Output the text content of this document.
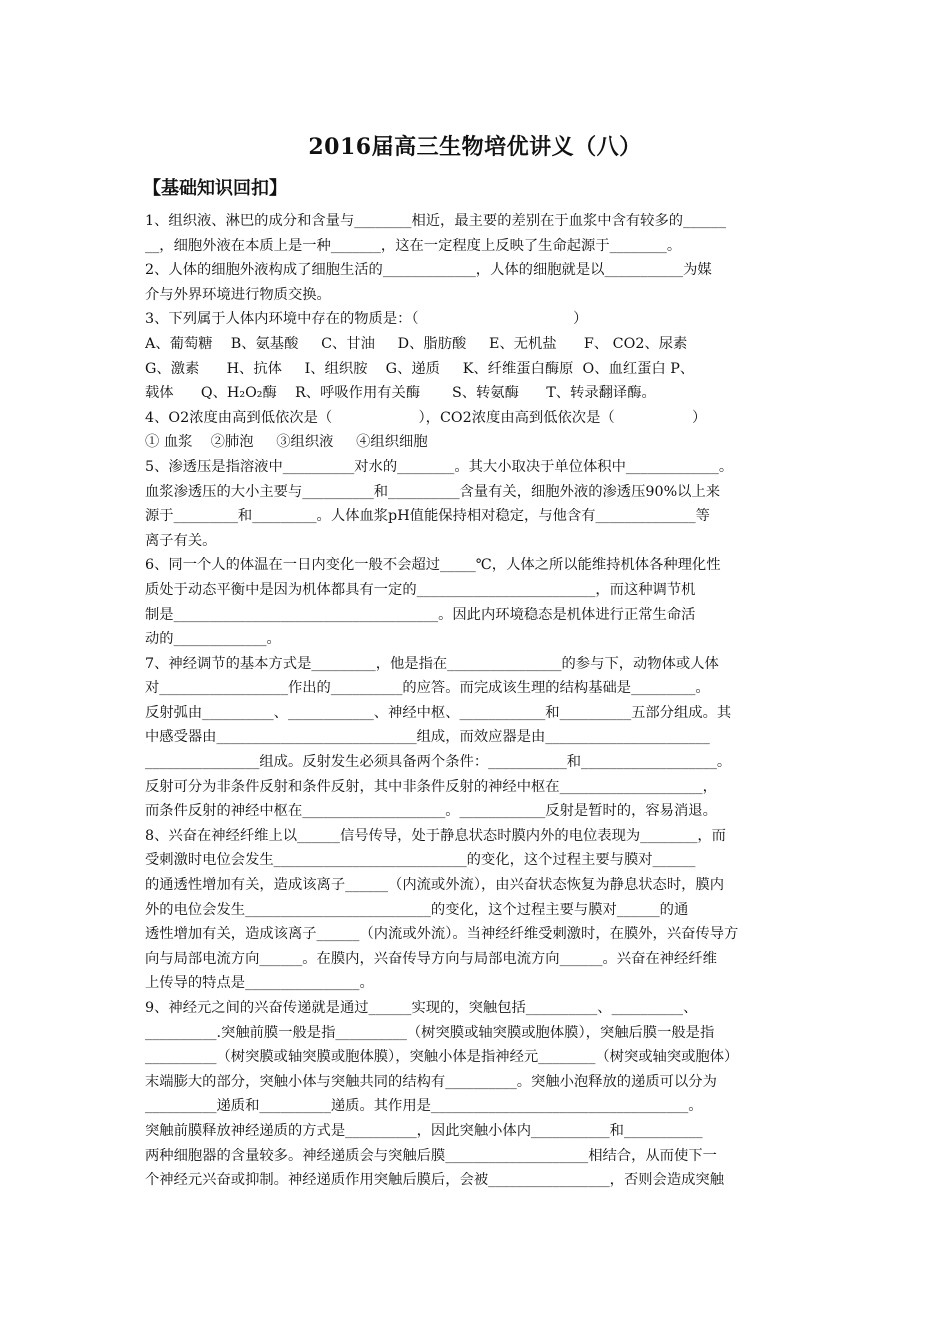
2016届高三生物培优讲义（八）
【基础知识回扣】
1、组织液、淋巴的成分和含量与________相近，最主要的差别在于血浆中含有较多的______
__，细胞外液在本质上是一种_______，这在一定程度上反映了生命起源于________。
2、人体的细胞外液构成了细胞生活的_____________，人体的细胞就是以___________为媒
介与外界环境进行物质交换。
3、下列属于人体内环境中存在的物质是：（                                  ）
A、葡萄糖    B、氨基酸     C、甘油     D、脂肪酸     E、无机盐      F、 CO2、尿素
G、激素      H、抗体     I、组织胺    G、递质     K、纤维蛋白酶原  O、血红蛋白 P、
载体      Q、H₂O₂酶    R、呼吸作用有关酶       S、转氨酶      T、转录翻译酶。
4、O2浓度由高到低依次是（                   ），CO2浓度由高到低依次是（                 ）
① 血浆    ②肺泡     ③组织液     ④组织细胞
5、渗透压是指溶液中__________对水的________。其大小取决于单位体积中_____________。
血浆渗透压的大小主要与__________和__________含量有关，细胞外液的渗透压90%以上来
源于_________和_________。人体血浆pH值能保持相对稳定，与他含有______________等
离子有关。
6、同一个人的体温在一日内变化一般不会超过_____℃，人体之所以能维持机体各种理化性
质处于动态平衡中是因为机体都具有一定的_________________________，而这种调节机
制是_____________________________________。因此内环境稳态是机体进行正常生命活
动的_____________。
7、神经调节的基本方式是_________，他是指在________________的参与下，动物体或人体
对__________________作出的__________的应答。而完成该生理的结构基础是_________。
反射弧由__________、____________、神经中枢、____________和__________五部分组成。其
中感受器由____________________________组成，而效应器是由_______________________
________________组成。反射发生必须具备两个条件：___________和___________________。
反射可分为非条件反射和条件反射，其中非条件反射的神经中枢在____________________，
而条件反射的神经中枢在____________________。____________反射是暂时的，容易消退。
8、兴奋在神经纤维上以______信号传导，处于静息状态时膜内外的电位表现为________，而
受刺激时电位会发生___________________________的变化，这个过程主要与膜对______
的通透性增加有关，造成该离子______（内流或外流），由兴奋状态恢复为静息状态时，膜内
外的电位会发生__________________________的变化，这个过程主要与膜对______的通
透性增加有关，造成该离子______（内流或外流）。当神经纤维受刺激时，在膜外，兴奋传导方
向与局部电流方向______。在膜内，兴奋传导方向与局部电流方向______。兴奋在神经纤维
上传导的特点是________________。
9、神经元之间的兴奋传递就是通过______实现的，突触包括__________、__________、
__________.突触前膜一般是指__________（树突膜或轴突膜或胞体膜），突触后膜一般是指
__________（树突膜或轴突膜或胞体膜），突触小体是指神经元________（树突或轴突或胞体）
末端膨大的部分，突触小体与突触共同的结构有__________。突触小泡释放的递质可以分为
__________递质和__________递质。其作用是____________________________________。
突触前膜释放神经递质的方式是__________，因此突触小体内___________和___________
两种细胞器的含量较多。神经递质会与突触后膜____________________相结合，从而使下一
个神经元兴奋或抑制。神经递质作用突触后膜后，会被_________________，否则会造成突触
